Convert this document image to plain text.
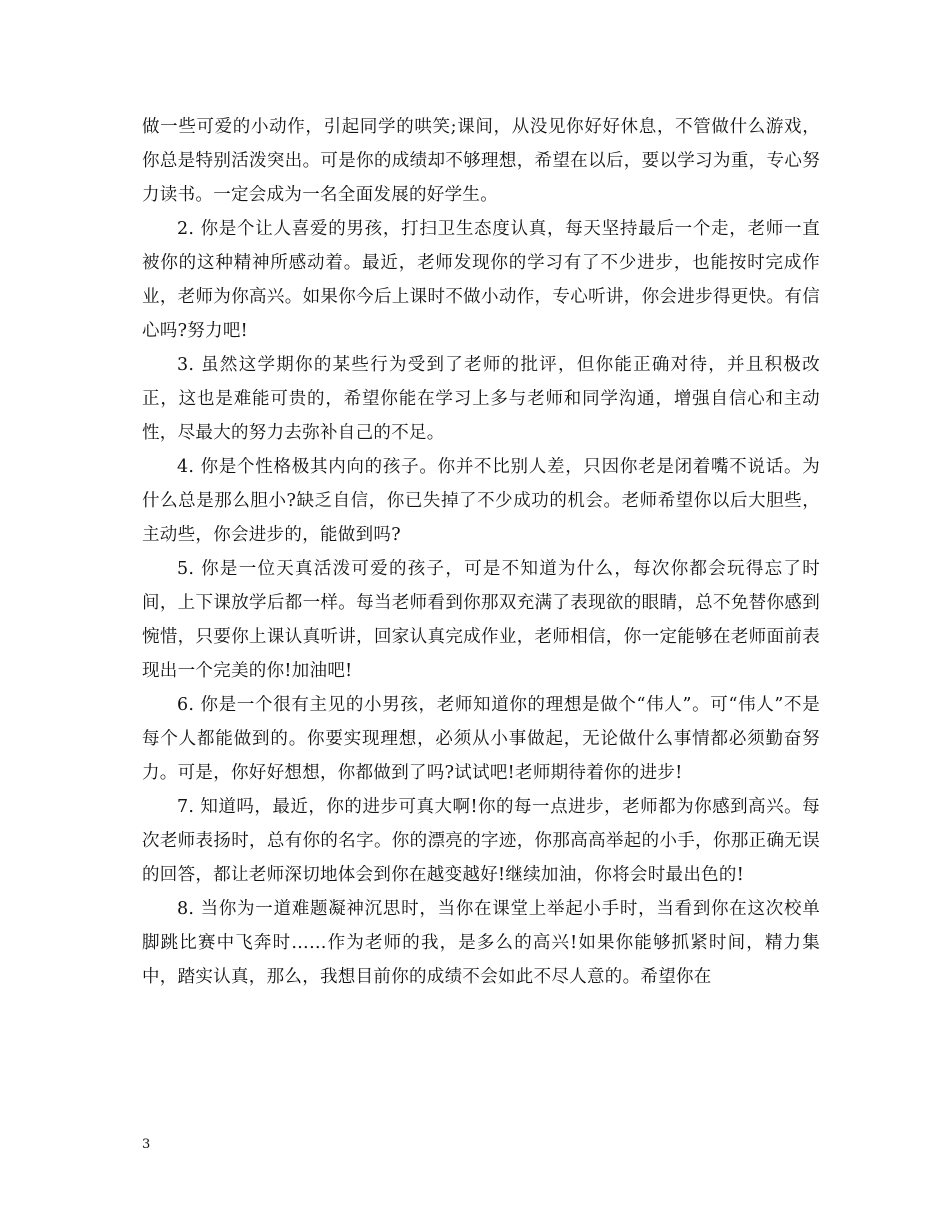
做一些可爱的小动作，引起同学的哄笑;课间，从没见你好好休息，不管做什么游戏，你总是特别活泼突出。可是你的成绩却不够理想，希望在以后，要以学习为重，专心努力读书。一定会成为一名全面发展的好学生。

2. 你是个让人喜爱的男孩，打扫卫生态度认真，每天坚持最后一个走，老师一直被你的这种精神所感动着。最近，老师发现你的学习有了不少进步，也能按时完成作业，老师为你高兴。如果你今后上课时不做小动作，专心听讲，你会进步得更快。有信心吗?努力吧!

3. 虽然这学期你的某些行为受到了老师的批评，但你能正确对待，并且积极改正，这也是难能可贵的，希望你能在学习上多与老师和同学沟通，增强自信心和主动性，尽最大的努力去弥补自己的不足。

4. 你是个性格极其内向的孩子。你并不比别人差，只因你老是闭着嘴不说话。为什么总是那么胆小?缺乏自信，你已失掉了不少成功的机会。老师希望你以后大胆些，主动些，你会进步的，能做到吗?

5. 你是一位天真活泼可爱的孩子，可是不知道为什么，每次你都会玩得忘了时间，上下课放学后都一样。每当老师看到你那双充满了表现欲的眼睛，总不免替你感到惋惜，只要你上课认真听讲，回家认真完成作业，老师相信，你一定能够在老师面前表现出一个完美的你!加油吧!

6. 你是一个很有主见的小男孩，老师知道你的理想是做个“伟人”。可“伟人”不是每个人都能做到的。你要实现理想，必须从小事做起，无论做什么事情都必须勤奋努力。可是，你好好想想，你都做到了吗?试试吧!老师期待着你的进步!

7. 知道吗，最近，你的进步可真大啊!你的每一点进步，老师都为你感到高兴。每次老师表扬时，总有你的名字。你的漂亮的字迹，你那高高举起的小手，你那正确无误的回答，都让老师深切地体会到你在越变越好!继续加油，你将会时最出色的!

8. 当你为一道难题凝神沉思时，当你在课堂上举起小手时，当看到你在这次校单脚跳比赛中飞奔时……作为老师的我，是多么的高兴!如果你能够抓紧时间，精力集中，踏实认真，那么，我想目前你的成绩不会如此不尽人意的。希望你在

3
